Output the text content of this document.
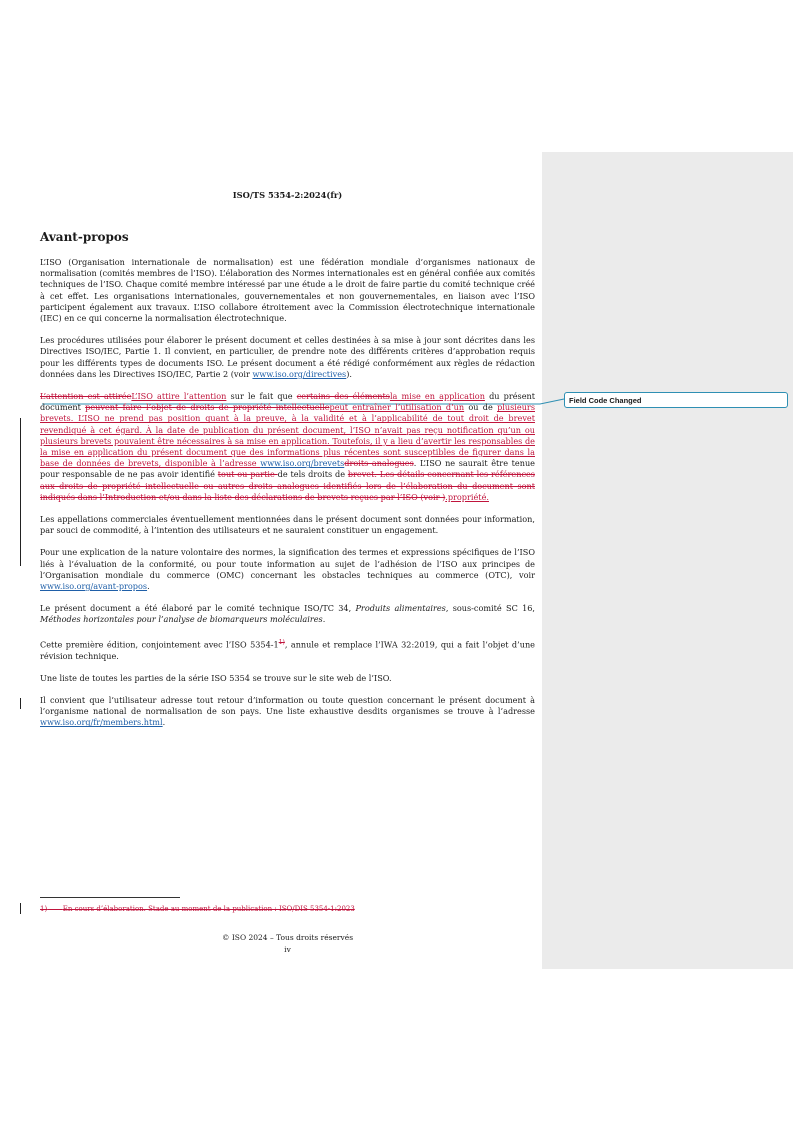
Field Code Changed
ISO/TS 5354-2:2024(fr)
Avant-propos

L’ISO (Organisation internationale de normalisation) est une fédération mondiale d’organismes nationaux de normalisation (comités membres de l’ISO). L’élaboration des Normes internationales est en général confiée aux comités techniques de l’ISO. Chaque comité membre intéressé par une étude a le droit de faire partie du comité technique créé à cet effet. Les organisations internationales, gouvernementales et non gouvernementales, en liaison avec l’ISO participent également aux travaux. L’ISO collabore étroitement avec la Commission électrotechnique internationale (IEC) en ce qui concerne la normalisation électrotechnique.

Les procédures utilisées pour élaborer le présent document et celles destinées à sa mise à jour sont décrites dans les Directives ISO/IEC, Partie 1. Il convient, en particulier, de prendre note des différents critères d’approbation requis pour les différents types de documents ISO. Le présent document a été rédigé conformément aux règles de rédaction données dans les Directives ISO/IEC, Partie 2 (voir www.iso.org/directives).

L’attention est attiréeL’ISO attire l’attention sur le fait que certains des élémentsla mise en application du présent document peuvent faire l’objet de droits de propriété intellectuellepeut entraîner l’utilisation d’un ou de plusieurs brevets. L’ISO ne prend pas position quant à la preuve, à la validité et à l’applicabilité de tout droit de brevet revendiqué à cet égard. À la date de publication du présent document, l’ISO n’avait pas reçu notification qu’un ou plusieurs brevets pouvaient être nécessaires à sa mise en application. Toutefois, il y a lieu d’avertir les responsables de la mise en application du présent document que des informations plus récentes sont susceptibles de figurer dans la base de données de brevets, disponible à l’adresse www.iso.org/brevetsdroits analogues. L’ISO ne saurait être tenue pour responsable de ne pas avoir identifié tout ou partie de tels droits de brevet. Les détails concernant les références aux droits de propriété intellectuelle ou autres droits analogues identifiés lors de l’élaboration du document sont indiqués dans l’Introduction et/ou dans la liste des déclarations de brevets reçues par l’ISO (voir ).propriété.

Les appellations commerciales éventuellement mentionnées dans le présent document sont données pour information, par souci de commodité, à l’intention des utilisateurs et ne sauraient constituer un engagement.

Pour une explication de la nature volontaire des normes, la signification des termes et expressions spécifiques de l’ISO liés à l’évaluation de la conformité, ou pour toute information au sujet de l’adhésion de l’ISO aux principes de l’Organisation mondiale du commerce (OMC) concernant les obstacles techniques au commerce (OTC), voir www.iso.org/avant-propos.

Le présent document a été élaboré par le comité technique ISO/TC 34, Produits alimentaires, sous-comité SC 16, Méthodes horizontales pour l’analyse de biomarqueurs moléculaires.

Cette première édition, conjointement avec l’ISO 5354-1$^{1)}$, annule et remplace l’IWA 32:2019, qui a fait l’objet d’une révision technique.

Une liste de toutes les parties de la série ISO 5354 se trouve sur le site web de l’ISO.

Il convient que l’utilisateur adresse tout retour d’information ou toute question concernant le présent document à l’organisme national de normalisation de son pays. Une liste exhaustive desdits organismes se trouve à l’adresse www.iso.org/fr/members.html.

1) En cours d’élaboration. Stade au moment de la publication : ISO/DIS 5354-1:2023
© ISO 2024 – Tous droits réservés
iv
